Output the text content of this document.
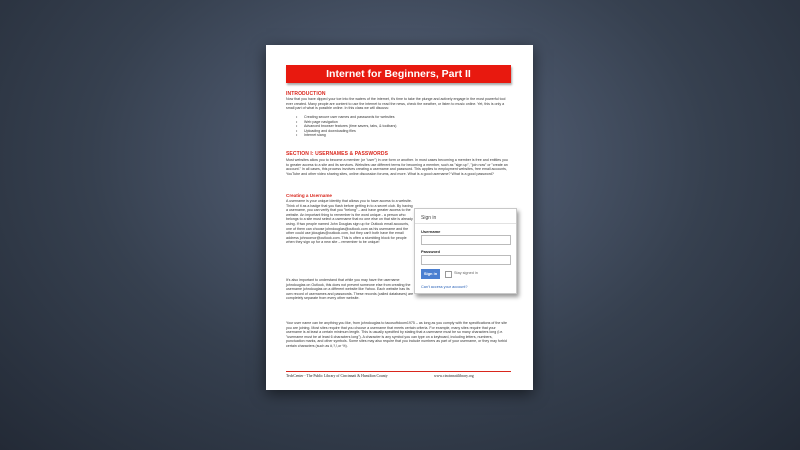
Internet for Beginners, Part II
INTRODUCTION
Now that you have dipped your toe into the waters of the internet, it's time to take the plunge and actively engage in the most powerful tool ever created. Many people are content to use the internet to read the news, check the weather, or listen to music online. Yet, this is only a small part of what is possible online. In this class we will discuss:
• Creating secure user names and passwords for websites
• Web page navigation
• Advanced browser features (time savers, tabs, & toolbars)
• Uploading and downloading files
• Internet slang
SECTION I: USERNAMES & PASSWORDS
Most websites allow you to become a member (or "user") in one form or another. In most cases becoming a member is free and entitles you to greater access to a site and its services. Websites use different terms for becoming a member, such as "sign up", "join now" or "create an account." In all cases, this process involves creating a username and password. This applies to employment websites, free email accounts, YouTube and other video sharing sites, online discussion forums, and more. What is a good username? What is a good password?
Creating a Username
A username is your unique identity that allows you to have access to a website. Think of it as a badge that you flash before getting in to a secret club. By having a username, you can verify that you "belong" – and have greater access to the website. An important thing to remember is the word unique - a person who belongs to a site must select a username that no one else on that site is already using. If two people named John Douglas sign up for Outlook email accounts, one of them can choose johndouglas@outlook.com as his username and the other could use jdouglas@outlook.com, but they can't both have the email address johncomor@outlook.com. This is often a stumbling block for people when they sign up for a new site – remember to be unique!
It's also important to understand that while you may have the username johndouglas on Outlook, this does not prevent someone else from creating the username johndouglas on a different website like Yahoo. Each website has its own record of usernames and passwords. These records (called databases) are completely separate from every other website.
Your user name can be anything you like, from johndouglas to tacosoftdoom1975 – as long as you comply with the specifications of the site you are joining. Most sites require that you choose a username that meets certain criteria. For example, many sites require that your username is at least a certain minimum length. This is usually specified by stating that a username must be so many characters long (i.e. "username must be at least 6 characters long"). A character is any symbol you can type on a keyboard, including letters, numbers, punctuation marks, and other symbols. Some sites may also require that you include numbers as part of your username, or they may forbid certain characters (such as #,?,!,or %).
Sign in
Username
Password
Sign in	Stay signed in
Can't access your account?
TechCenter - The Public Library of Cincinnati & Hamilton County	www.cincinnatilibrary.org
